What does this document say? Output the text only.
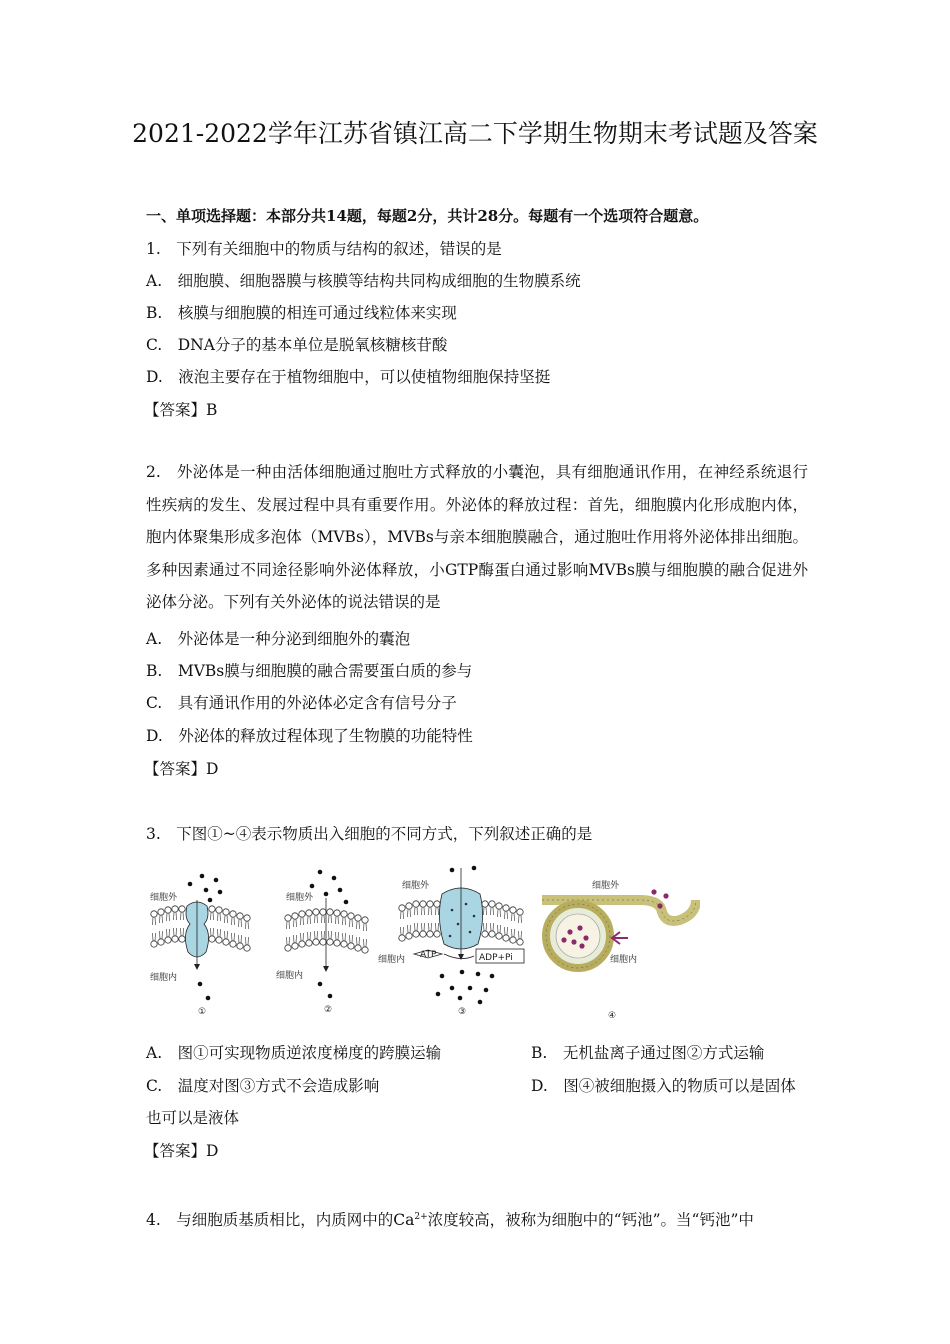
2021-2022学年江苏省镇江高二下学期生物期末考试题及答案
一、单项选择题：本部分共14题，每题2分，共计28分。每题有一个选项符合题意。
1.　下列有关细胞中的物质与结构的叙述，错误的是
A.　细胞膜、细胞器膜与核膜等结构共同构成细胞的生物膜系统
B.　核膜与细胞膜的相连可通过线粒体来实现
C.　DNA分子的基本单位是脱氧核糖核苷酸
D.　液泡主要存在于植物细胞中，可以使植物细胞保持坚挺
【答案】B
2.　外泌体是一种由活体细胞通过胞吐方式释放的小囊泡，具有细胞通讯作用，在神经系统退行性疾病的发生、发展过程中具有重要作用。外泌体的释放过程：首先，细胞膜内化形成胞内体，胞内体聚集形成多泡体（MVBs），MVBs与亲本细胞膜融合，通过胞吐作用将外泌体排出细胞。多种因素通过不同途径影响外泌体释放，小GTP酶蛋白通过影响MVBs膜与细胞膜的融合促进外泌体分泌。下列有关外泌体的说法错误的是
A.　外泌体是一种分泌到细胞外的囊泡
B.　MVBs膜与细胞膜的融合需要蛋白质的参与
C.　具有通讯作用的外泌体必定含有信号分子
D.　外泌体的释放过程体现了生物膜的功能特性
【答案】D
3.　下图①~④表示物质出入细胞的不同方式，下列叙述正确的是
细胞外
细胞内
①
细胞外
细胞内
②
细胞外
细胞内 ATP	ADP+Pi
③
细胞外
细胞内
④
A.　图①可实现物质逆浓度梯度的跨膜运输	B.　无机盐离子通过图②方式运输
C.　温度对图③方式不会造成影响	D.　图④被细胞摄入的物质可以是固体
也可以是液体
【答案】D
4.　与细胞质基质相比，内质网中的$Ca^{2+}$浓度较高，被称为细胞中的“钙池”。当“钙池”中
